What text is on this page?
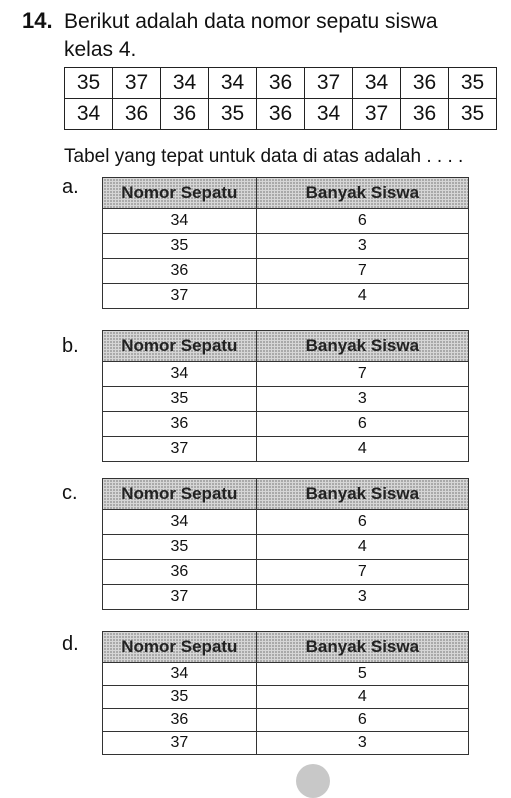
14. Berikut adalah data nomor sepatu siswa
kelas 4.
35	37	34	34	36	37	34	36	35
34	36	36	35	36	34	37	36	35
Tabel yang tepat untuk data di atas adalah . . . .
a.	Nomor Sepatu	Banyak Siswa
34	6
35	3
36	7
37	4
b.	Nomor Sepatu	Banyak Siswa
34	7
35	3
36	6
37	4
c.	Nomor Sepatu	Banyak Siswa
34	6
35	4
36	7
37	3
d.	Nomor Sepatu	Banyak Siswa
34	5
35	4
36	6
37	3
